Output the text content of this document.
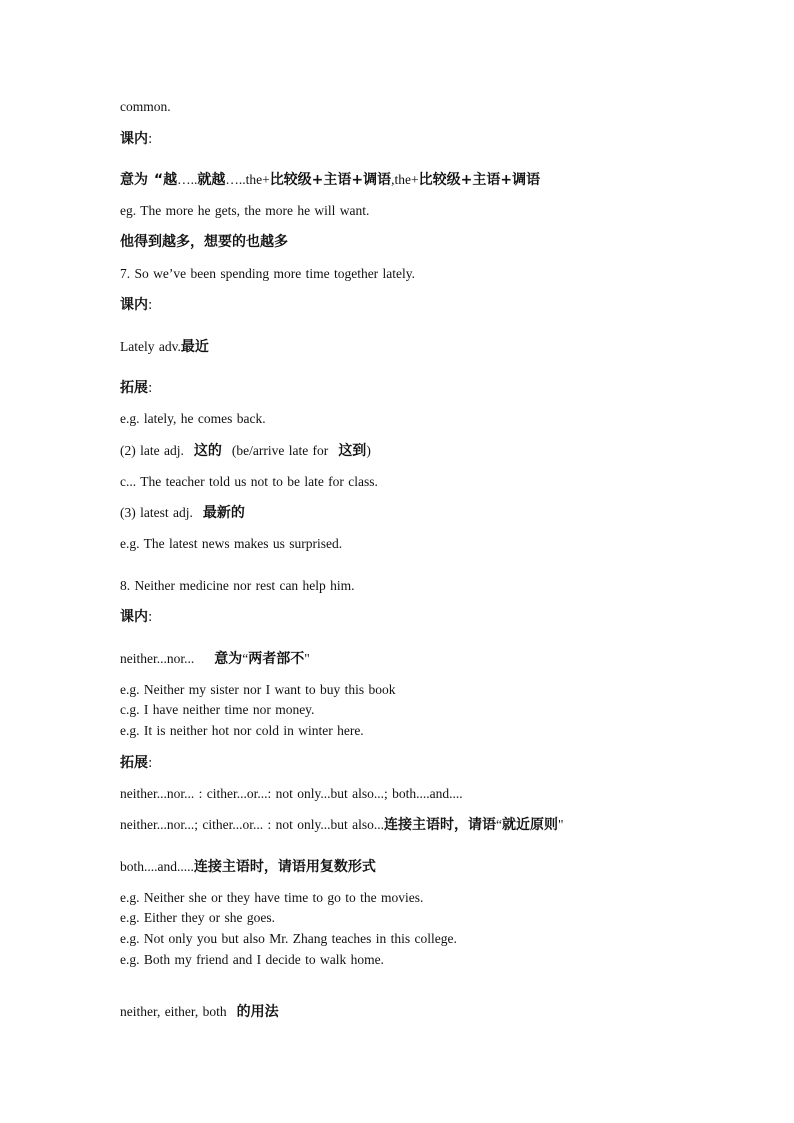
common.
课内:
意为 “越…..就越…..the+比较级+主语+调语,the+比较级+主语+调语
eg. The more he gets, the more he will want.
他得到越多，想要的也越多
7. So we’ve been spending more time together lately.
课内:
Lately adv.最近
拓展:
e.g. lately, he comes back.
(2) late adj. 这的 (be/arrive late for 这到)
c... The teacher told us not to be late for class.
(3) latest adj. 最新的
e.g. The latest news makes us surprised.
8. Neither medicine nor rest can help him.
课内:
neither...nor... 意为“两者部不"
e.g. Neither my sister nor I want to buy this book
c.g. I have neither time nor money.
e.g. It is neither hot nor cold in winter here.
拓展:
neither...nor... : cither...or...: not only...but also...; both....and....
neither...nor...; cither...or... : not only...but also...连接主语时，请语“就近原则"
both....and.....连接主语时，请语用复数形式
e.g. Neither she or they have time to go to the movies.
e.g. Either they or she goes.
e.g. Not only you but also Mr. Zhang teaches in this college.
e.g. Both my friend and I decide to walk home.
neither, either, both 的用法
